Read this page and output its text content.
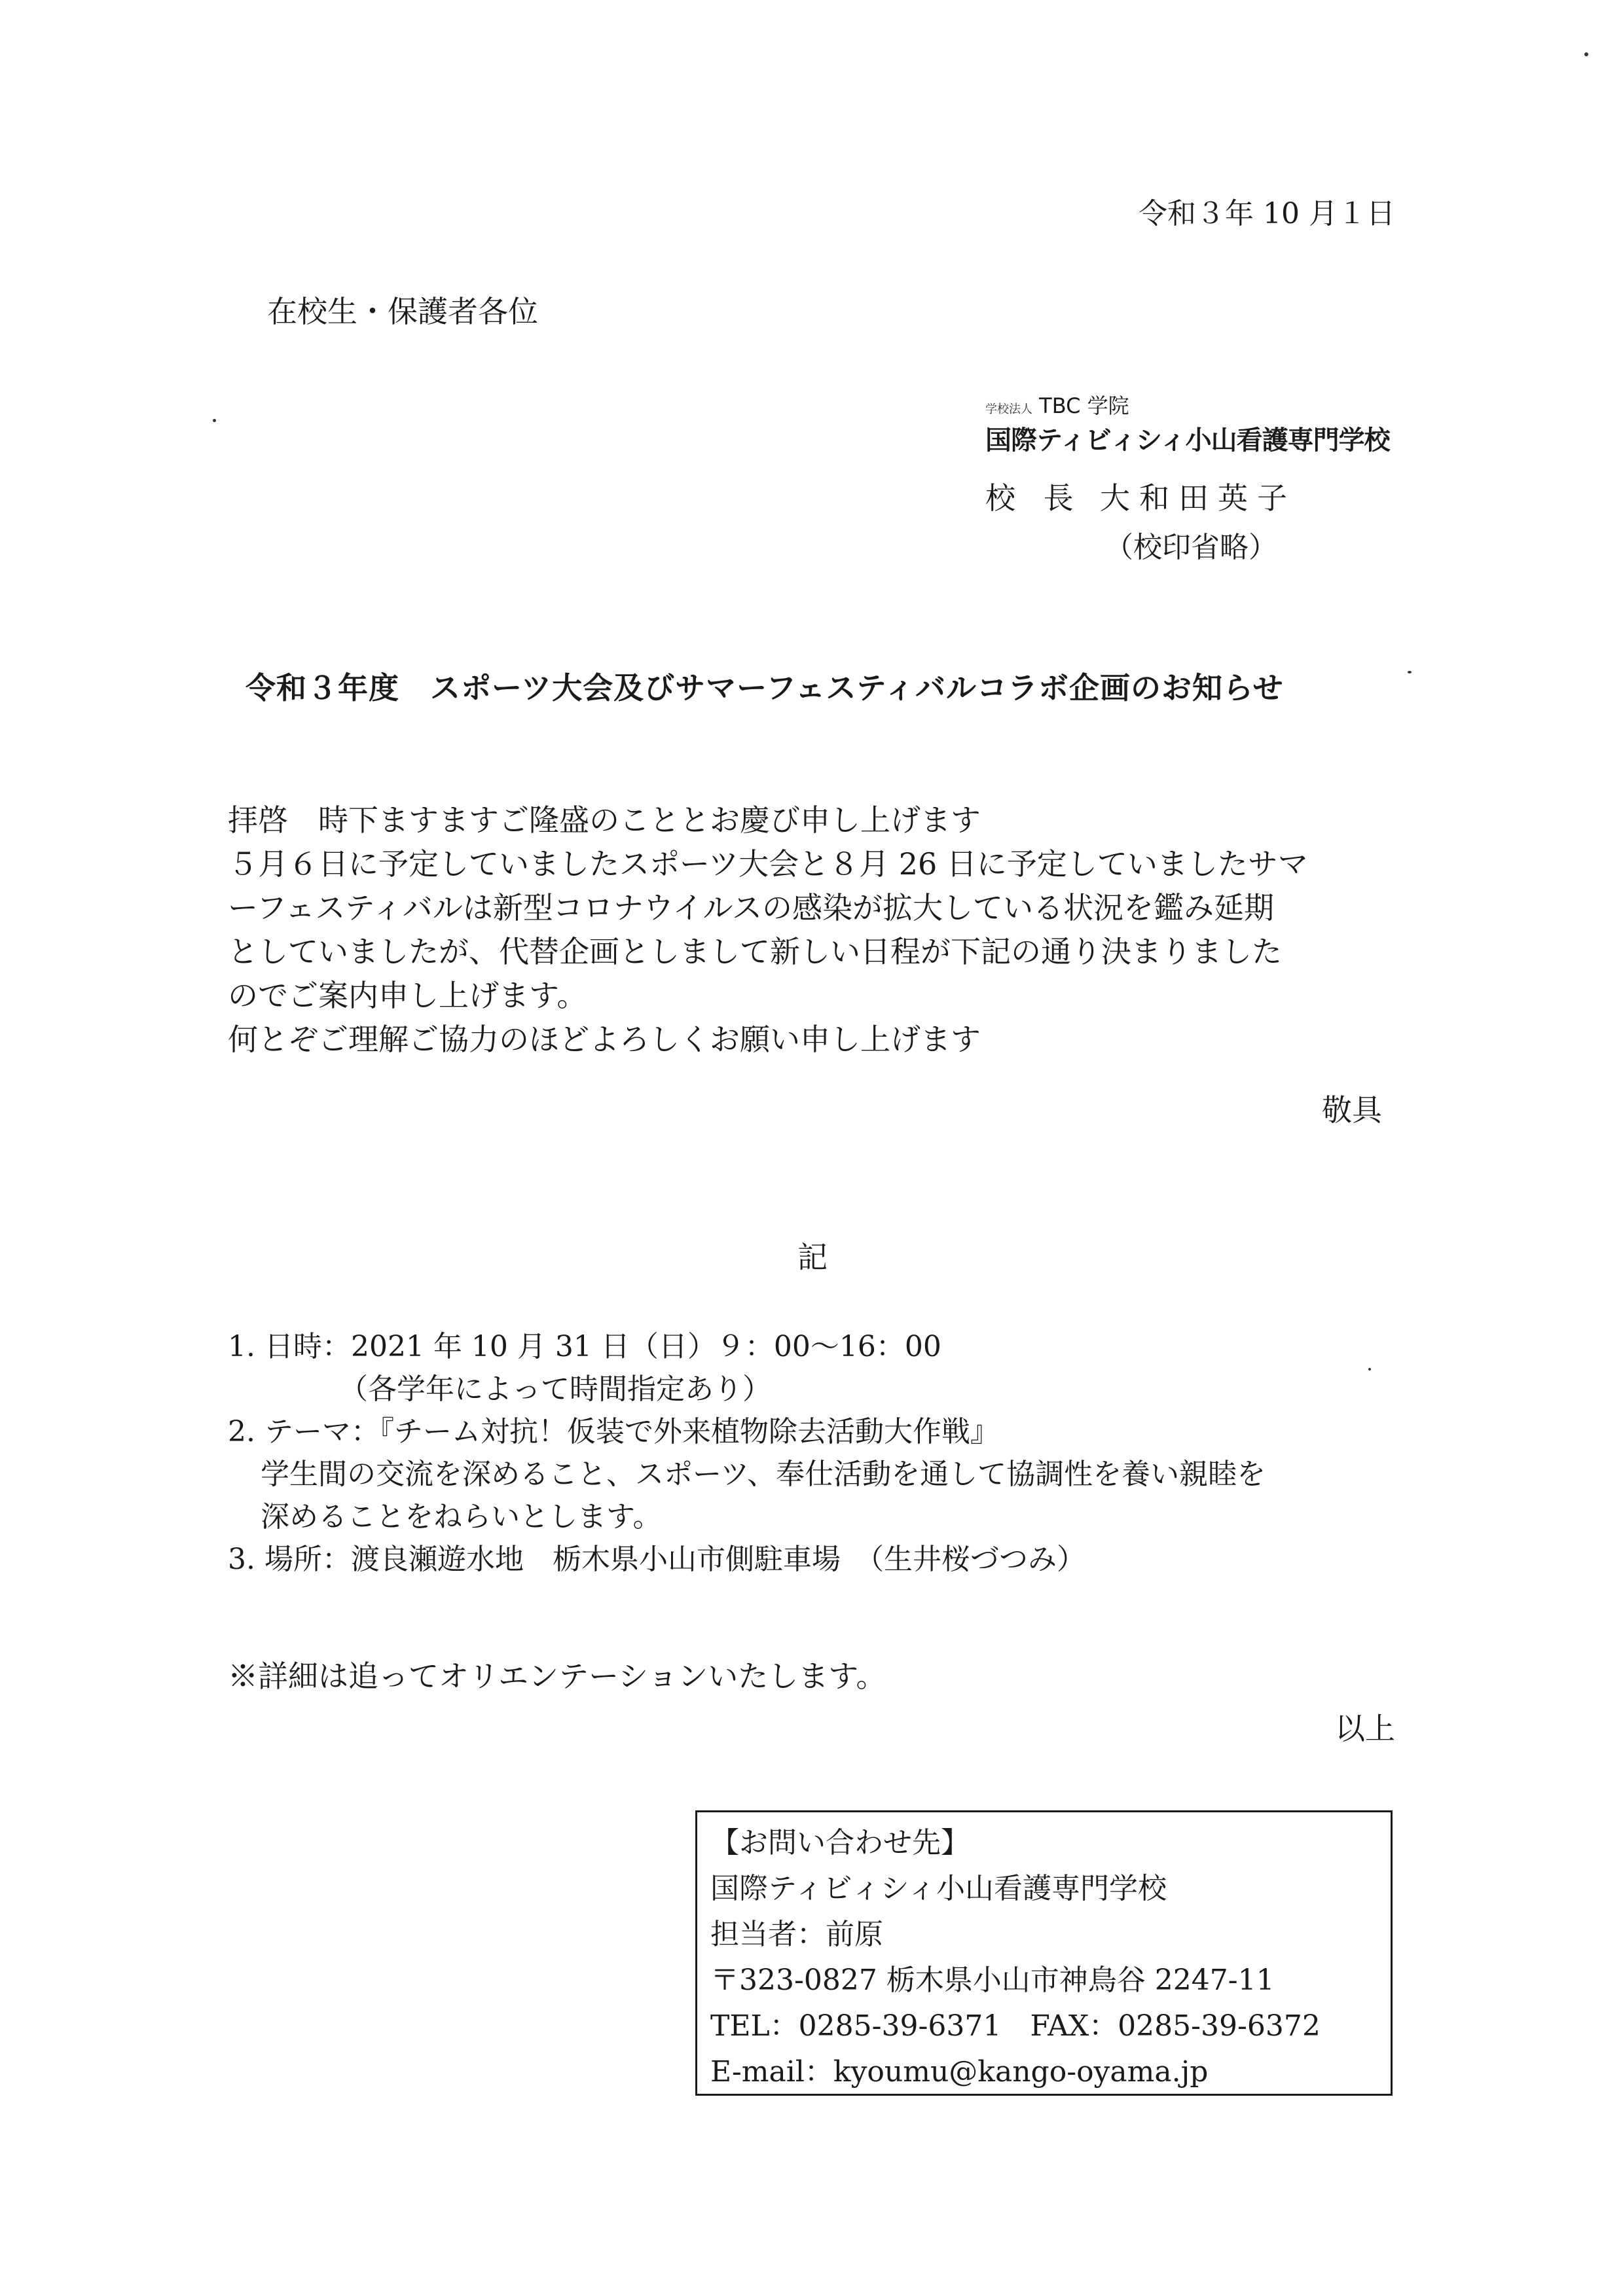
令和３年 10 月１日
在校生・保護者各位
学校法人 TBC 学院
国際ティビィシィ小山看護専門学校
校 長 大和田英子
（校印省略）
令和３年度　スポーツ大会及びサマーフェスティバルコラボ企画のお知らせ

拝啓　時下ますますご隆盛のこととお慶び申し上げます

５月６日に予定していましたスポーツ大会と８月 26 日に予定していましたサマ

ーフェスティバルは新型コロナウイルスの感染が拡大している状況を鑑み延期

としていましたが、代替企画としまして新しい日程が下記の通り決まりました

のでご案内申し上げます。

何とぞご理解ご協力のほどよろしくお願い申し上げます

敬具
記
1. 日時：2021 年 10 月 31 日（日）９：00～16：00
（各学年によって時間指定あり）
2. テーマ：『チーム対抗！仮装で外来植物除去活動大作戦』
学生間の交流を深めること、スポーツ、奉仕活動を通して協調性を養い親睦を
深めることをねらいとします。
3. 場所：渡良瀬遊水地　栃木県小山市側駐車場　（生井桜づつみ）
※詳細は追ってオリエンテーションいたします。
以上
【お問い合わせ先】
国際ティビィシィ小山看護専門学校
担当者：前原
〒323-0827 栃木県小山市神鳥谷 2247-11
TEL：0285-39-6371　FAX：0285-39-6372
E-mail：kyoumu@kango-oyama.jp
